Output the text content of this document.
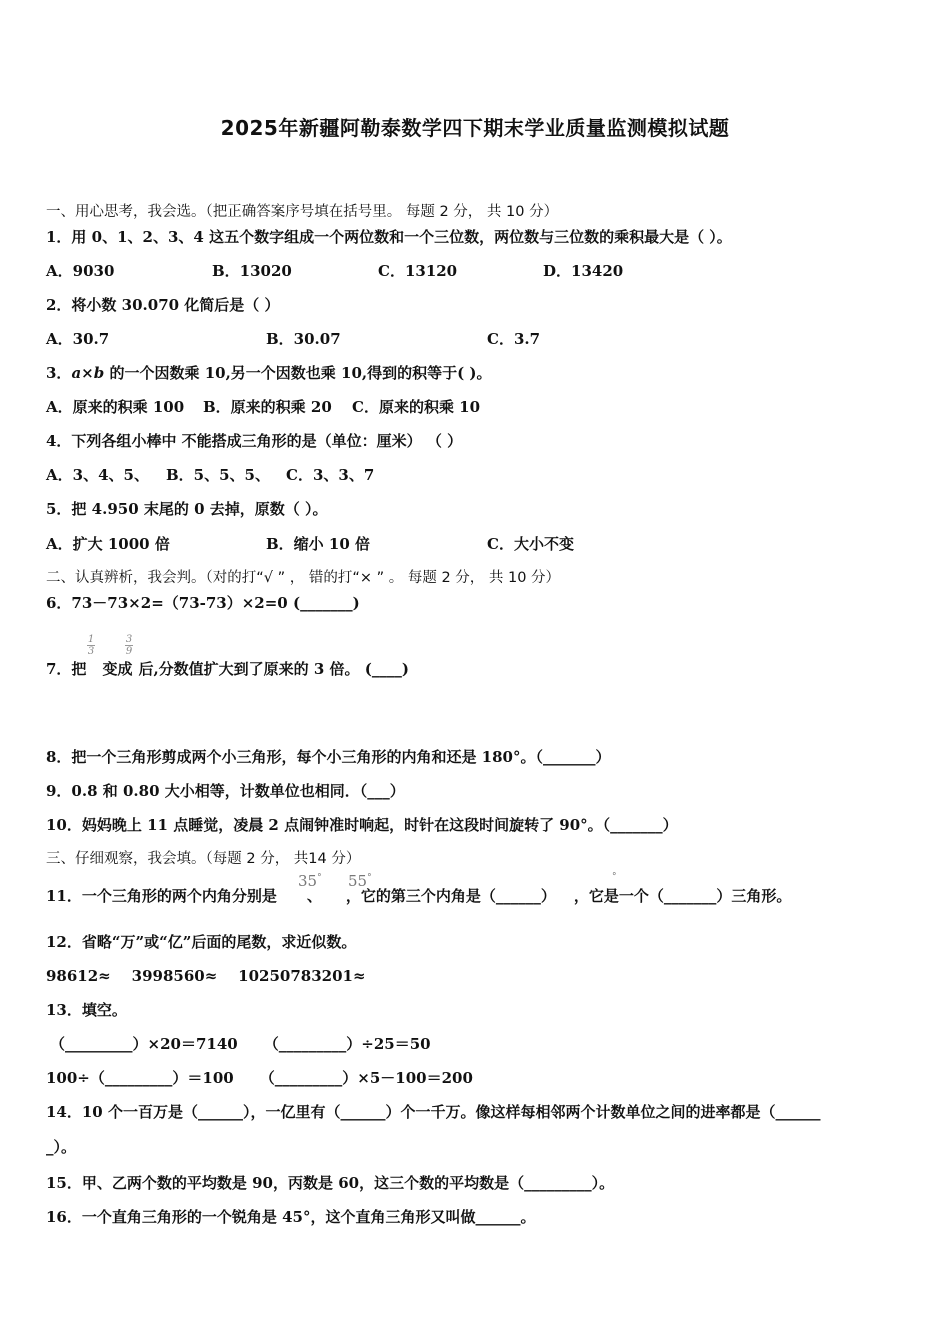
2025年新疆阿勒泰数学四下期末学业质量监测模拟试题
一、用心思考，我会选。（把正确答案序号填在括号里。 每题 2 分， 共 10 分）
1．用 0、1、2、3、4 这五个数字组成一个两位数和一个三位数，两位数与三位数的乘积最大是（ ）。
A．9030	B．13020	C．13120	D．13420
2．将小数 30.070 化简后是（ ）
A．30.7	B．30.07	C．3.7
3．a×b 的一个因数乘 10,另一个因数也乘 10,得到的积等于( )。
A．原来的积乘 100 B．原来的积乘 20 C．原来的积乘 10
4．下列各组小棒中 不能搭成三角形的是（单位：厘米） （ ）
A．3、4、5、 B．5、5、5、 C．3、3、7
5．把 4.950 末尾的 0 去掉，原数（ ）。
A．扩大 1000 倍	B．缩小 10 倍	C．大小不变
二、认真辨析，我会判。（对的打“√ ” ， 错的打“× ” 。 每题 2 分， 共 10 分）
6．73－73×2=（73-73）×2=0 (_______)
1
3
3
9
7．把 变成 后,分数值扩大到了原来的 3 倍。 (____)
8．把一个三角形剪成两个小三角形，每个小三角形的内角和还是 180°。（_______）
9．0.8 和 0.80 大小相等，计数单位也相同．（___）
10．妈妈晚上 11 点睡觉，凌晨 2 点闹钟准时响起，时针在这段时间旋转了 90°。（_______）
三、仔细观察，我会填。（每题 2 分， 共14 分）
35° 55°	°
11．一个三角形的两个内角分别是 、 ，它的第三个内角是（______） ，它是一个（_______）三角形。
12．省略“万”或“亿”后面的尾数，求近似数。
98612≈    3998560≈    10250783201≈
13．填空。
（_________）×20＝7140     （_________）÷25＝50
100÷（_________）＝100     （_________）×5－100＝200
14．10 个一百万是（______），一亿里有（______）个一千万。像这样每相邻两个计数单位之间的进率都是（______
_）。
15．甲、乙两个数的平均数是 90，丙数是 60，这三个数的平均数是（_________）。
16．一个直角三角形的一个锐角是 45°，这个直角三角形又叫做______。
